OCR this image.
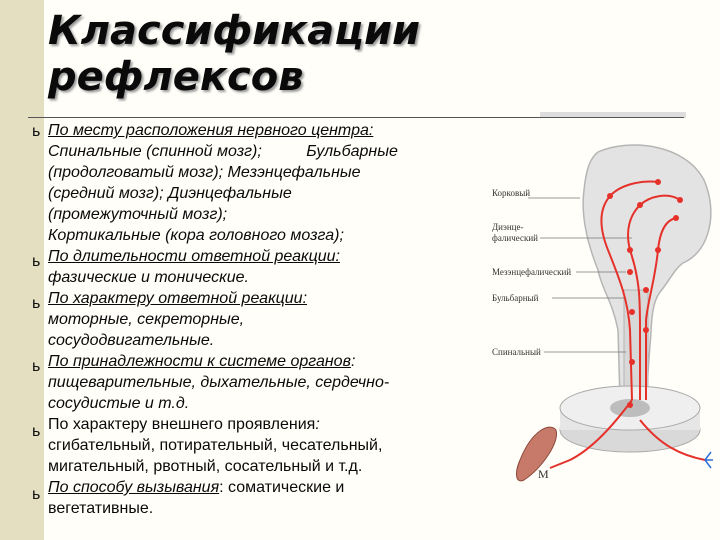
Классификации рефлексов
ь
ь
ь
ь
ь
ь
По месту расположения нервного центра:
Спинальные (спинной мозг);          Бульбарные
(продолговатый мозг); Мезэнцефальные
(средний мозг); Диэнцефальные
(промежуточный мозг);
Кортикальные (кора головного мозга);
По длительности ответной реакции:
фазические и тонические.
По характеру ответной реакции:
моторные, секреторные,
сосудодвигательные.
По принадлежности к системе органов:
пищеварительные, дыхательные, сердечно-
сосудистые и т.д.
По характеру внешнего проявления:
сгибательный, потирательный, чесательный,
мигательный, рвотный, сосательный и т.д.
По способу вызывания: соматические и
вегетативные.
Корковый
Диэнце-
фалический
Мезэнцефалический
Бульбарный
Спинальный
М
